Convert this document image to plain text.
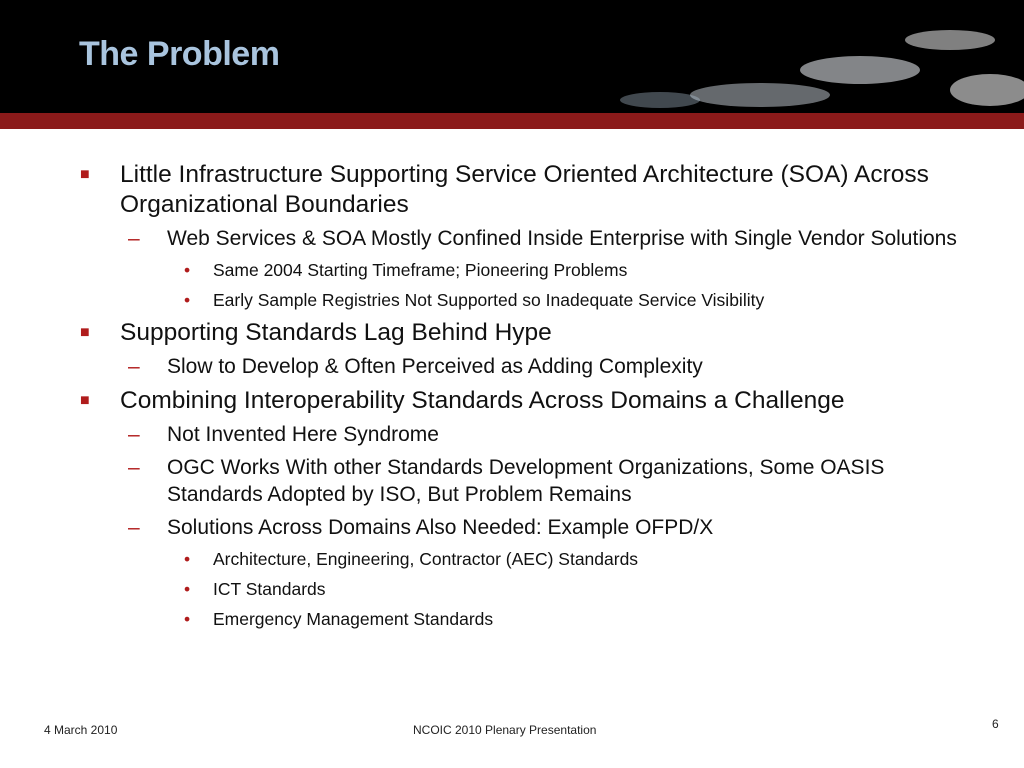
The Problem
■ Little Infrastructure Supporting Service Oriented Architecture (SOA) Across Organizational Boundaries
– Web Services & SOA Mostly Confined Inside Enterprise with Single Vendor Solutions
• Same 2004 Starting Timeframe; Pioneering Problems
• Early Sample Registries Not Supported so Inadequate Service Visibility
■ Supporting Standards Lag Behind Hype
– Slow to Develop & Often Perceived as Adding Complexity
■ Combining Interoperability Standards Across Domains a Challenge
– Not Invented Here Syndrome
– OGC Works With other Standards Development Organizations, Some OASIS Standards Adopted by ISO, But Problem Remains
– Solutions Across Domains Also Needed: Example OFPD/X
• Architecture, Engineering, Contractor (AEC) Standards
• ICT Standards
• Emergency Management Standards
4 March 2010	NCOIC 2010 Plenary Presentation	6
